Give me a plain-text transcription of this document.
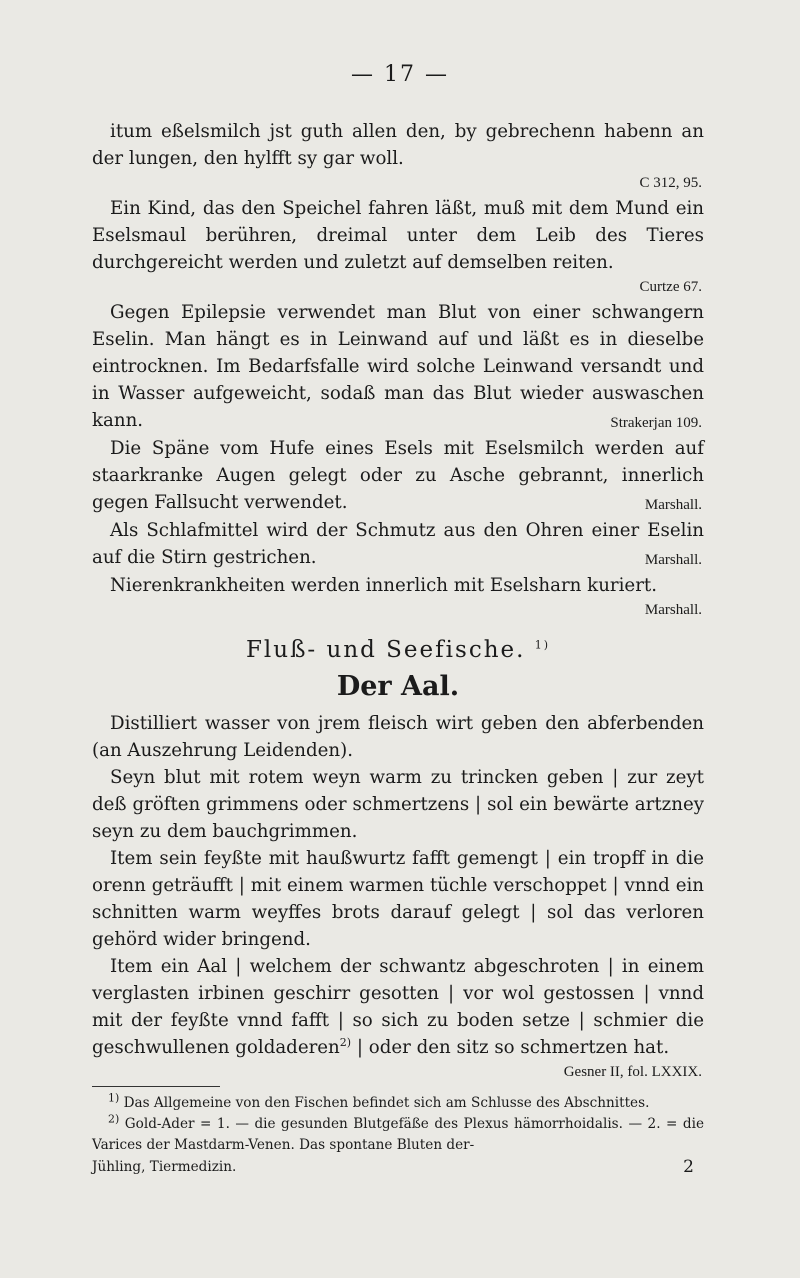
— 17 —

itum eßelsmilch jst guth allen den, by gebrechenn habenn an der lungen, den hylfft sy gar woll.

C 312, 95.

Ein Kind, das den Speichel fahren läßt, muß mit dem Mund ein Eselsmaul berühren, dreimal unter dem Leib des Tieres durchgereicht werden und zuletzt auf demselben reiten.

Curtze 67.

Gegen Epilepsie verwendet man Blut von einer schwangern Eselin. Man hängt es in Leinwand auf und läßt es in dieselbe eintrocknen. Im Bedarfsfalle wird solche Leinwand versandt und in Wasser aufgeweicht, sodaß man das Blut wieder auswaschen kann.	Strakerjan 109.

Die Späne vom Hufe eines Esels mit Eselsmilch werden auf staarkranke Augen gelegt oder zu Asche gebrannt, innerlich gegen Fallsucht verwendet.	Marshall.

Als Schlafmittel wird der Schmutz aus den Ohren einer Eselin auf die Stirn gestrichen.	Marshall.

Nierenkrankheiten werden innerlich mit Eselsharn kuriert.

Marshall.
Fluß- und Seefische. $^{1)}$
Der Aal.

Distilliert wasser von jrem fleisch wirt geben den abferbenden (an Auszehrung Leidenden).

Seyn blut mit rotem weyn warm zu trincken geben | zur zeyt deß gröften grimmens oder schmertzens | sol ein bewärte artzney seyn zu dem bauchgrimmen.

Item sein feyßte mit haußwurtz fafft gemengt | ein tropff in die orenn geträufft | mit einem warmen tüchle verschoppet | vnnd ein schnitten warm weyffes brots darauf gelegt | sol das verloren gehörd wider bringend.

Item ein Aal | welchem der schwantz abgeschroten | in einem verglasten irbinen geschirr gesotten | vor wol gestossen | vnnd mit der feyßte vnnd fafft | so sich zu boden setze | schmier die geschwullenen goldaderen$^{2)}$ | oder den sitz so schmertzen hat.

Gesner II, fol. LXXIX.

$^{1)}$ Das Allgemeine von den Fischen befindet sich am Schlusse des Abschnittes.

$^{2)}$ Gold-Ader = 1. — die gesunden Blutgefäße des Plexus hämorrhoidalis. — 2. = die Varices der Mastdarm-Venen. Das spontane Bluten der-

Jühling, Tiermedizin.	2
